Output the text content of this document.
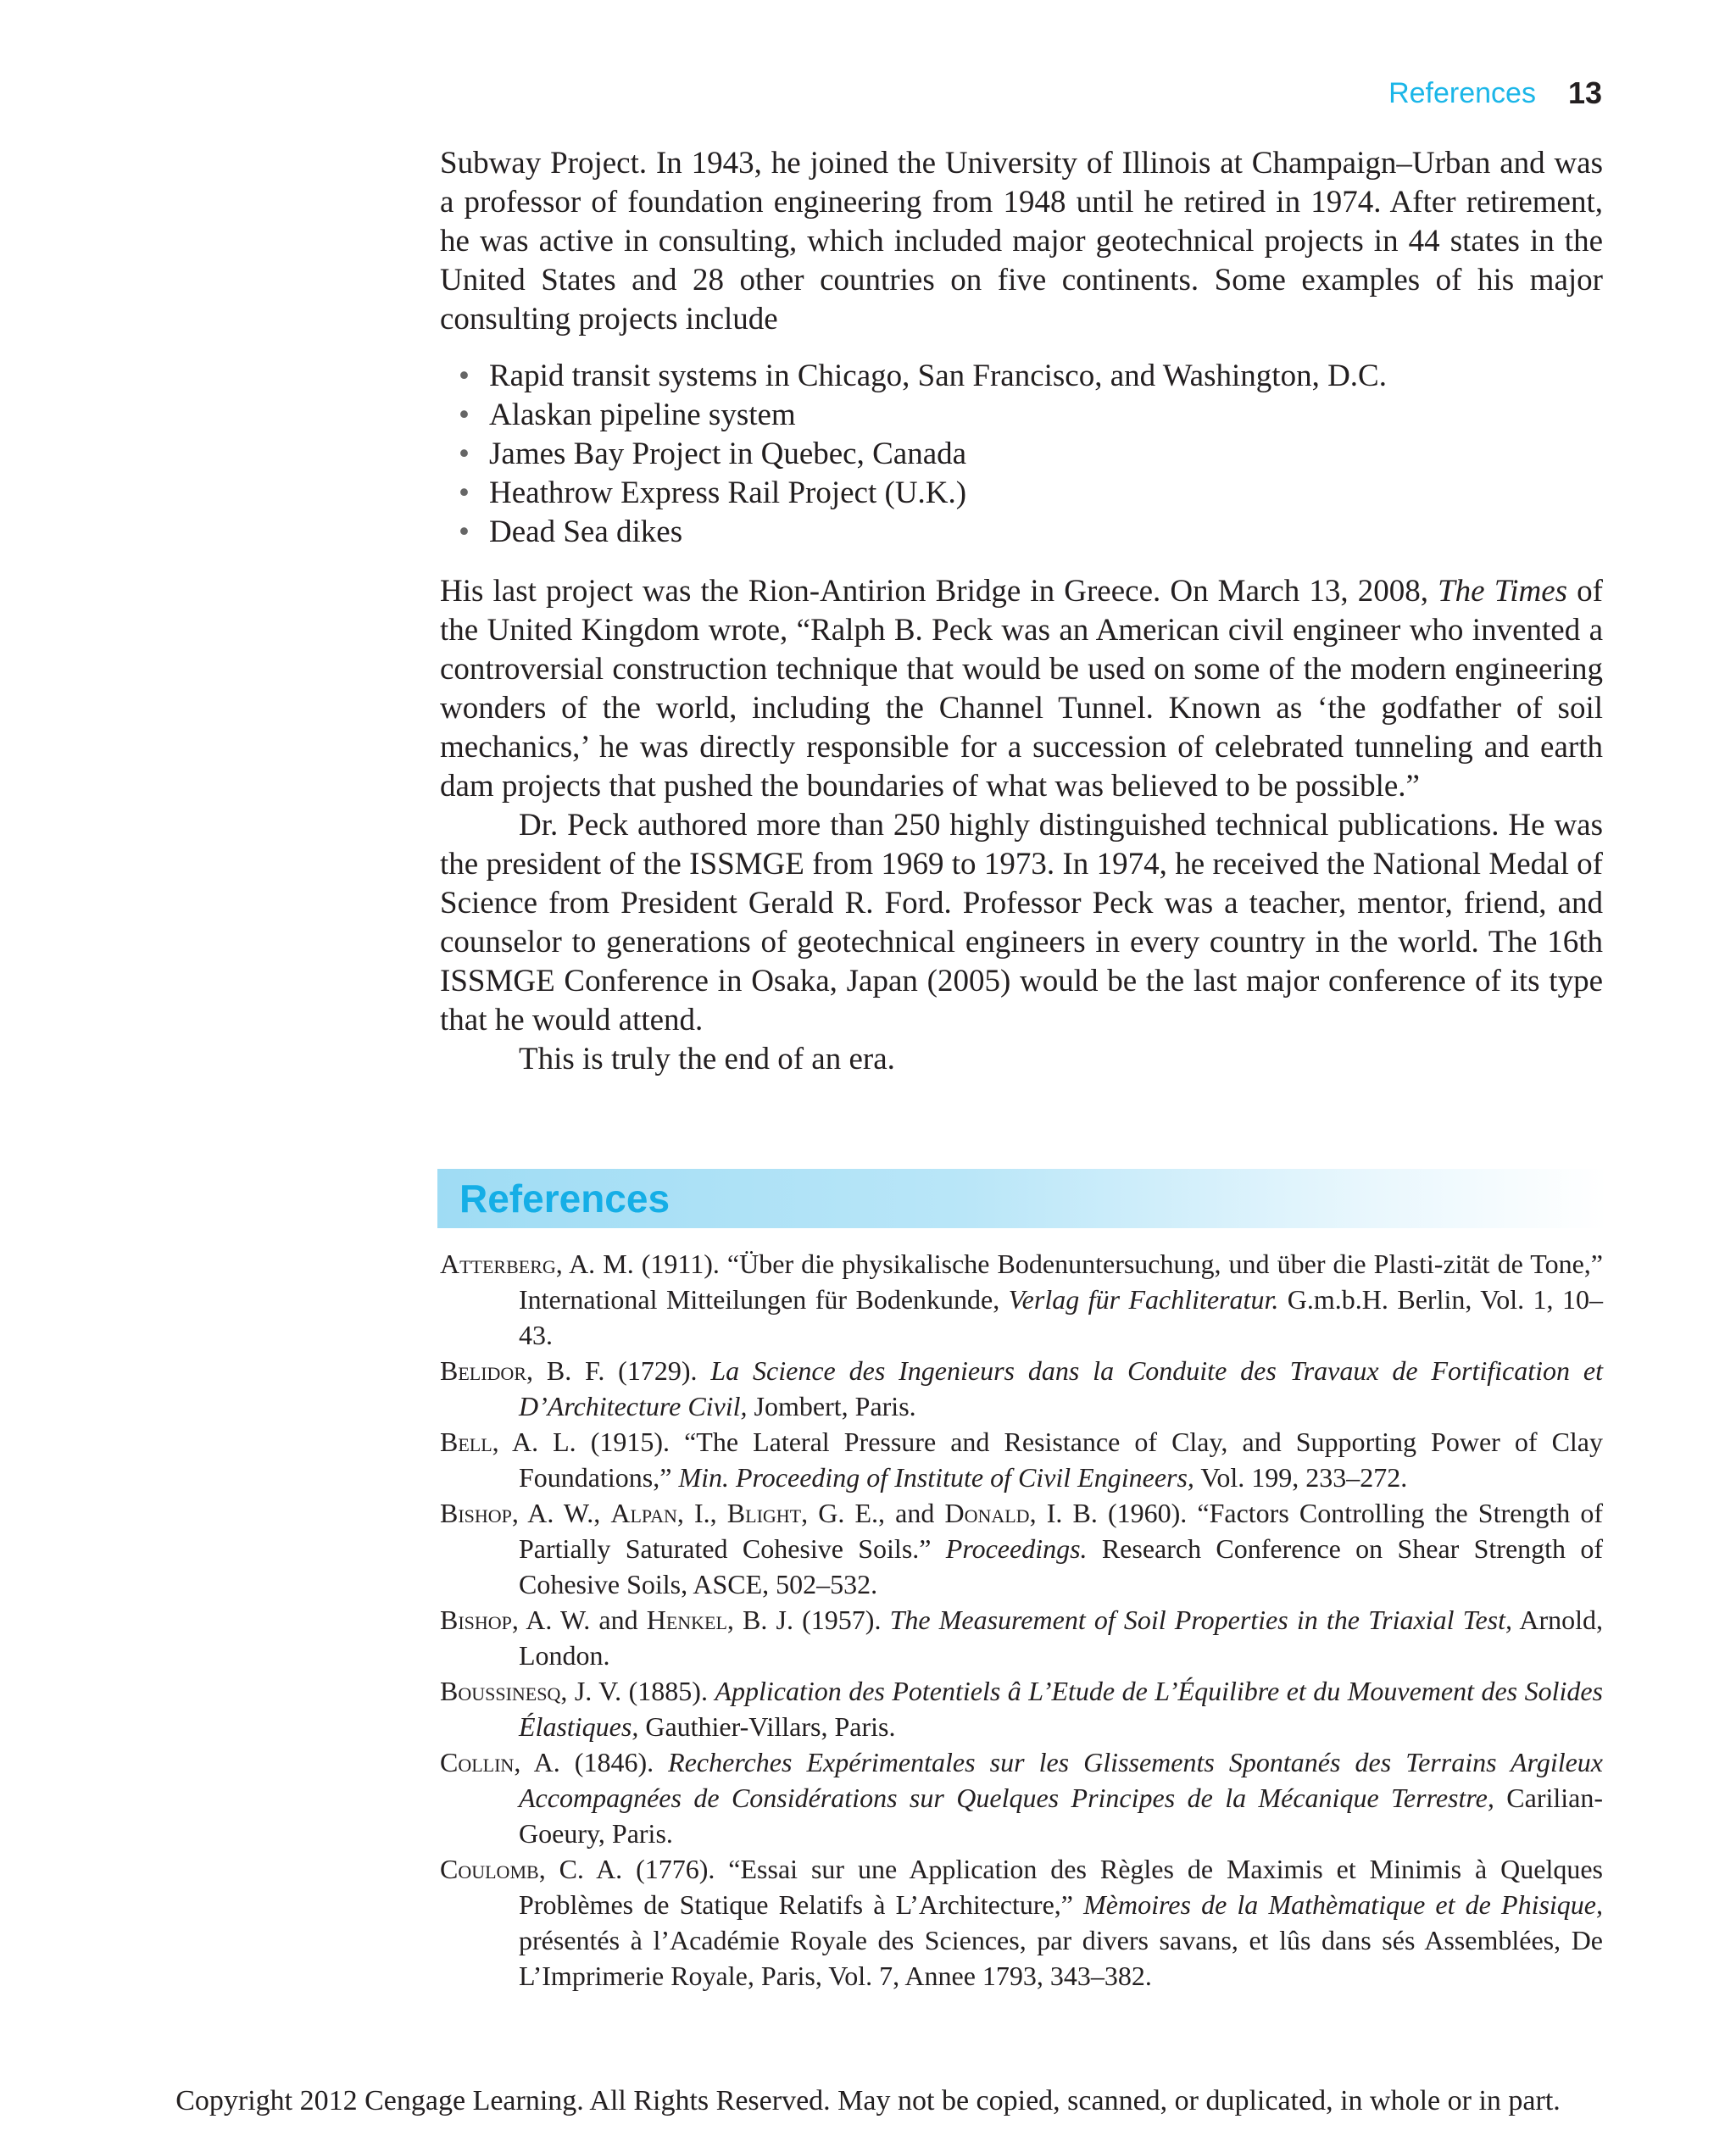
References 13

Subway Project. In 1943, he joined the University of Illinois at Champaign–Urban and was a professor of foundation engineering from 1948 until he retired in 1974. After retirement, he was active in consulting, which included major geotechnical projects in 44 states in the United States and 28 other countries on five continents. Some examples of his major consulting projects include

• Rapid transit systems in Chicago, San Francisco, and Washington, D.C.
• Alaskan pipeline system
• James Bay Project in Quebec, Canada
• Heathrow Express Rail Project (U.K.)
• Dead Sea dikes

His last project was the Rion-Antirion Bridge in Greece. On March 13, 2008, The Times of the United Kingdom wrote, “Ralph B. Peck was an American civil engineer who invented a controversial construction technique that would be used on some of the modern engineering wonders of the world, including the Channel Tunnel. Known as ‘the godfather of soil mechanics,’ he was directly responsible for a succession of celebrated tunneling and earth dam projects that pushed the boundaries of what was believed to be possible.”

Dr. Peck authored more than 250 highly distinguished technical publications. He was the president of the ISSMGE from 1969 to 1973. In 1974, he received the National Medal of Science from President Gerald R. Ford. Professor Peck was a teacher, mentor, friend, and counselor to generations of geotechnical engineers in every country in the world. The 16th ISSMGE Conference in Osaka, Japan (2005) would be the last major conference of its type that he would attend.

This is truly the end of an era.

References
Atterberg, A. M. (1911). “Über die physikalische Bodenuntersuchung, und über die Plasti-zität de Tone,” International Mitteilungen für Bodenkunde, Verlag für Fachliteratur. G.m.b.H. Berlin, Vol. 1, 10–43.
Belidor, B. F. (1729). La Science des Ingenieurs dans la Conduite des Travaux de Fortification et D’Architecture Civil, Jombert, Paris.
Bell, A. L. (1915). “The Lateral Pressure and Resistance of Clay, and Supporting Power of Clay Foundations,” Min. Proceeding of Institute of Civil Engineers, Vol. 199, 233–272.
Bishop, A. W., Alpan, I., Blight, G. E., and Donald, I. B. (1960). “Factors Controlling the Strength of Partially Saturated Cohesive Soils.” Proceedings. Research Conference on Shear Strength of Cohesive Soils, ASCE, 502–532.
Bishop, A. W. and Henkel, B. J. (1957). The Measurement of Soil Properties in the Triaxial Test, Arnold, London.
Boussinesq, J. V. (1885). Application des Potentiels â L’Etude de L’Équilibre et du Mouvement des Solides Élastiques, Gauthier-Villars, Paris.
Collin, A. (1846). Recherches Expérimentales sur les Glissements Spontanés des Terrains Argileux Accompagnées de Considérations sur Quelques Principes de la Mécanique Terrestre, Carilian-Goeury, Paris.
Coulomb, C. A. (1776). “Essai sur une Application des Règles de Maximis et Minimis à Quelques Problèmes de Statique Relatifs à L’Architecture,” Mèmoires de la Mathèmatique et de Phisique, présentés à l’Académie Royale des Sciences, par divers savans, et lûs dans sés Assemblées, De L’Imprimerie Royale, Paris, Vol. 7, Annee 1793, 343–382.
Copyright 2012 Cengage Learning. All Rights Reserved. May not be copied, scanned, or duplicated, in whole or in part.
